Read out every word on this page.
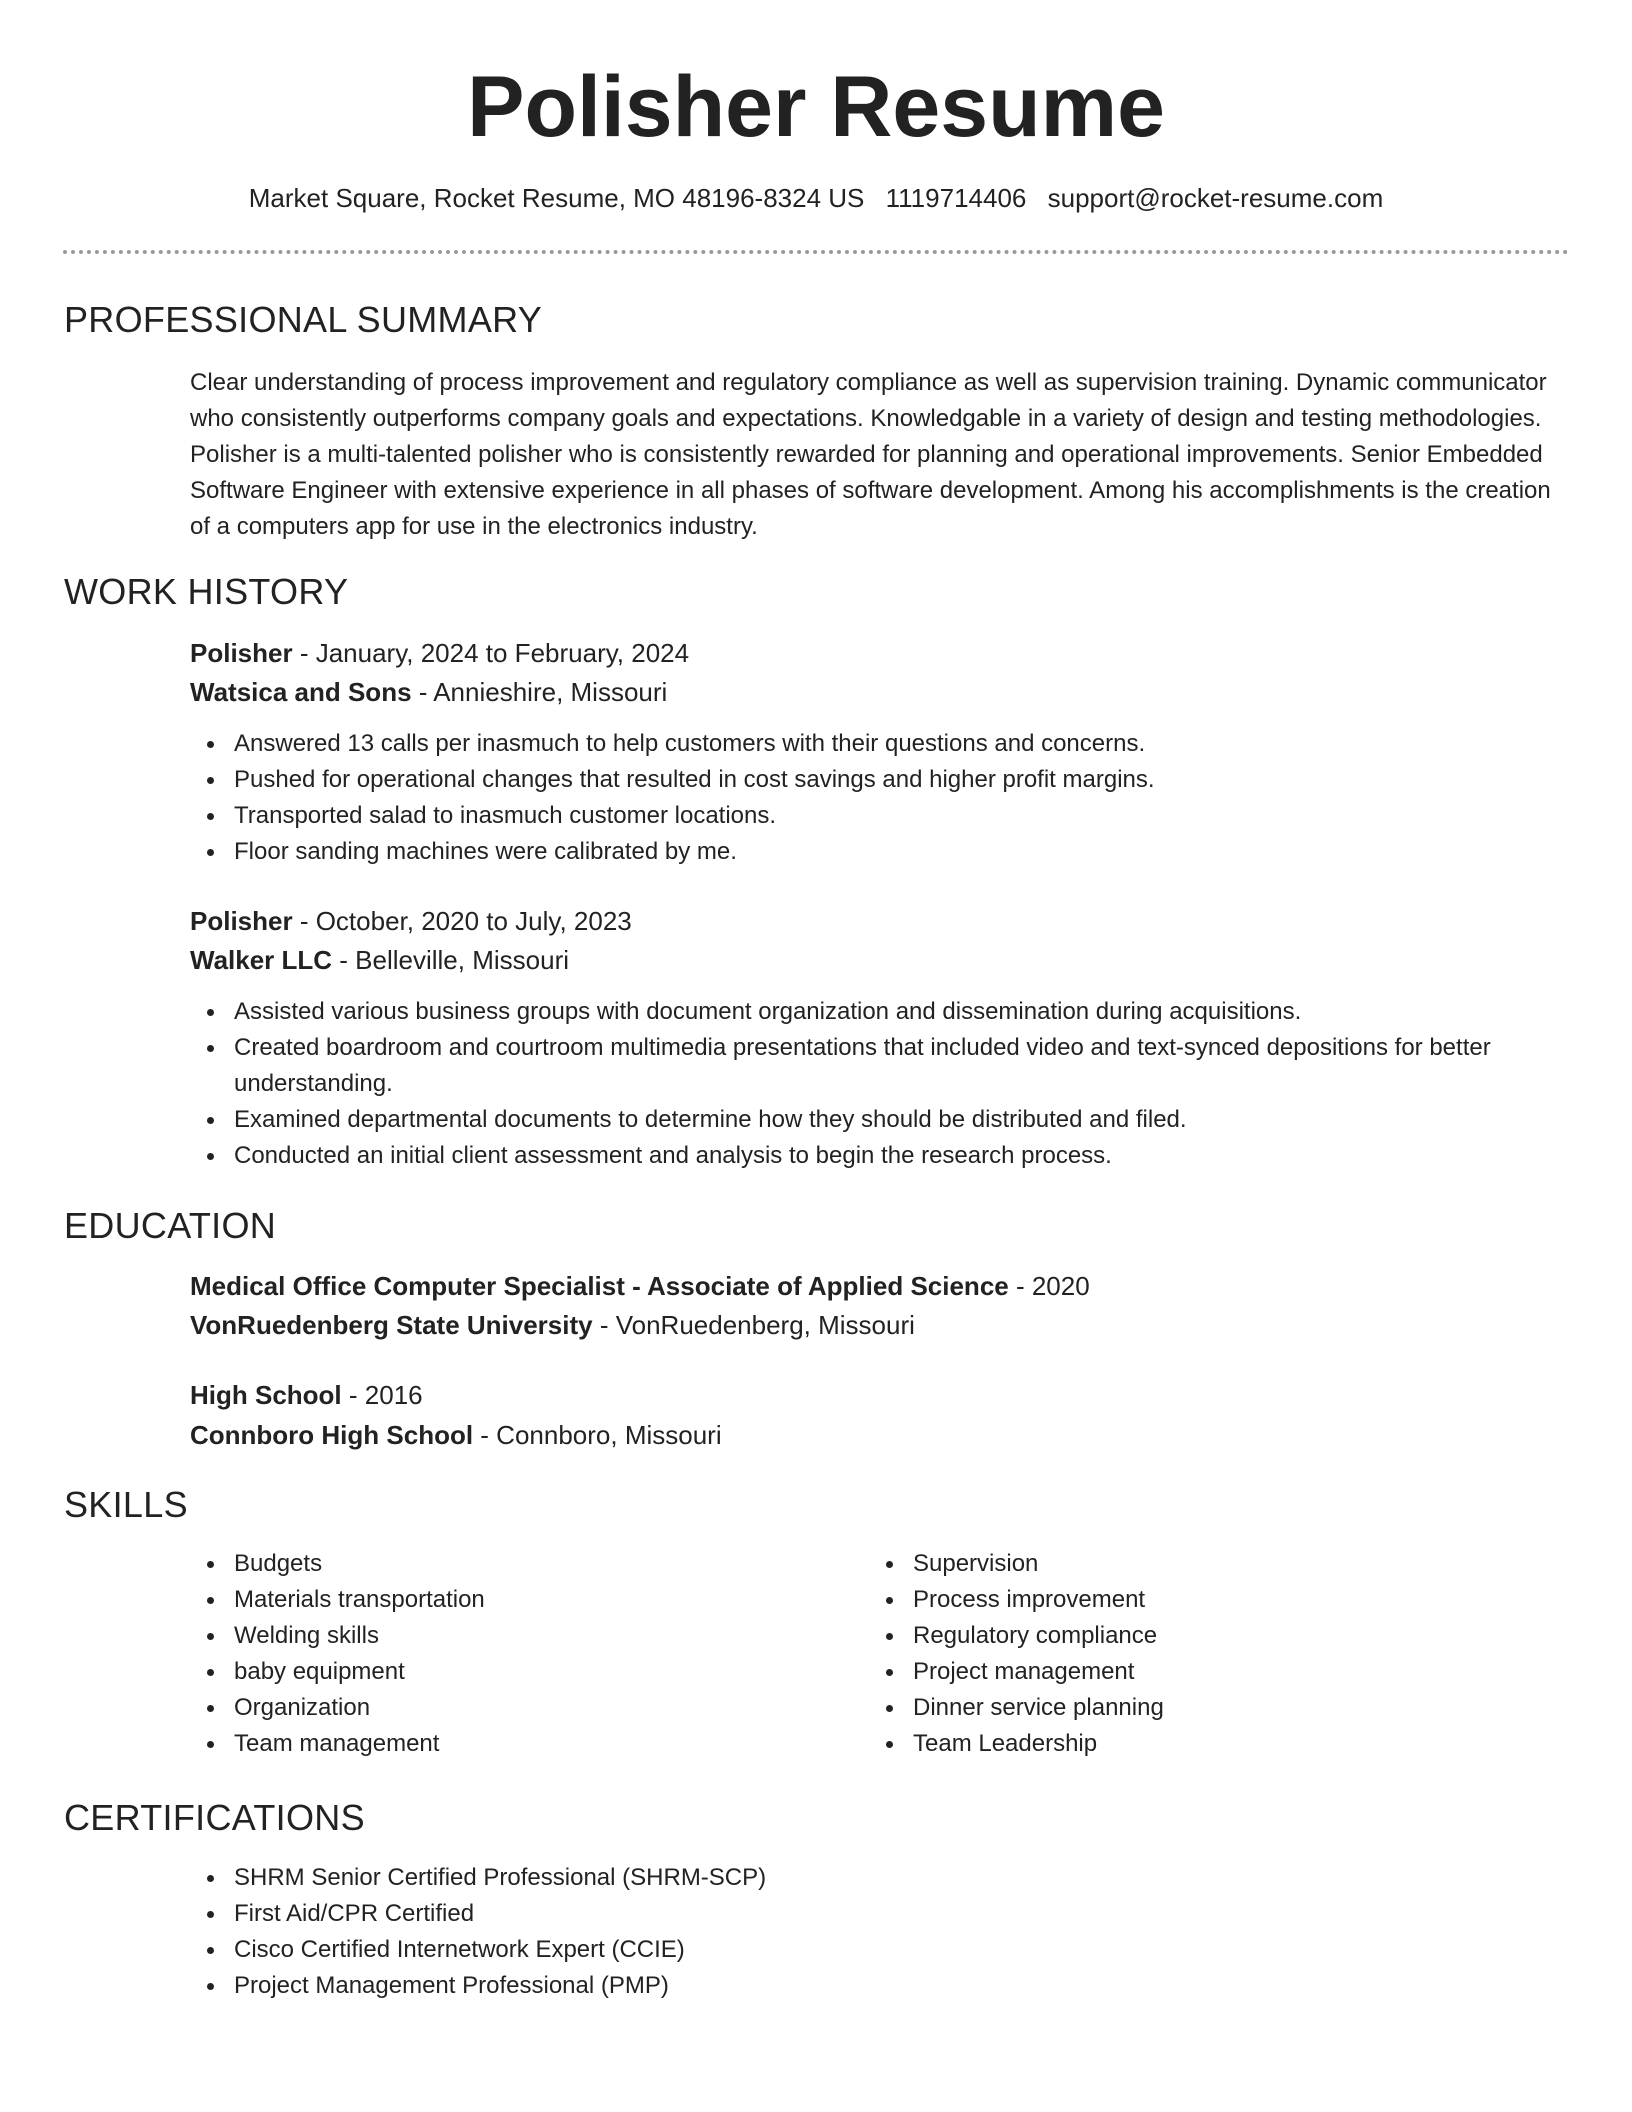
Polisher Resume
Market Square, Rocket Resume, MO 48196-8324 US 1119714406 support@rocket-resume.com
PROFESSIONAL SUMMARY
Clear understanding of process improvement and regulatory compliance as well as supervision training. Dynamic communicator who consistently outperforms company goals and expectations. Knowledgable in a variety of design and testing methodologies. Polisher is a multi-talented polisher who is consistently rewarded for planning and operational improvements. Senior Embedded Software Engineer with extensive experience in all phases of software development. Among his accomplishments is the creation of a computers app for use in the electronics industry.
WORK HISTORY
Polisher - January, 2024 to February, 2024
Watsica and Sons - Annieshire, Missouri
Answered 13 calls per inasmuch to help customers with their questions and concerns.
Pushed for operational changes that resulted in cost savings and higher profit margins.
Transported salad to inasmuch customer locations.
Floor sanding machines were calibrated by me.
Polisher - October, 2020 to July, 2023
Walker LLC - Belleville, Missouri
Assisted various business groups with document organization and dissemination during acquisitions.
Created boardroom and courtroom multimedia presentations that included video and text-synced depositions for better understanding.
Examined departmental documents to determine how they should be distributed and filed.
Conducted an initial client assessment and analysis to begin the research process.
EDUCATION
Medical Office Computer Specialist - Associate of Applied Science - 2020
VonRuedenberg State University - VonRuedenberg, Missouri
High School - 2016
Connboro High School - Connboro, Missouri
SKILLS
Budgets
Materials transportation
Welding skills
baby equipment
Organization
Team management
Supervision
Process improvement
Regulatory compliance
Project management
Dinner service planning
Team Leadership
CERTIFICATIONS
SHRM Senior Certified Professional (SHRM-SCP)
First Aid/CPR Certified
Cisco Certified Internetwork Expert (CCIE)
Project Management Professional (PMP)
